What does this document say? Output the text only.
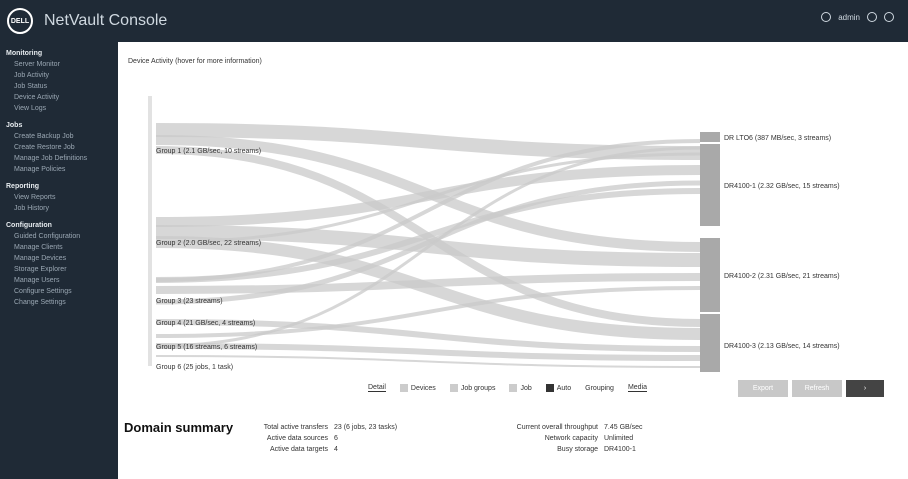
DELL NetVault Console	admin
Monitoring
Server Monitor
Job Activity
Job Status
Device Activity
View Logs
Jobs
Create Backup Job
Create Restore Job
Manage Job Definitions
Manage Policies
Reporting
View Reports
Job History
Configuration
Guided Configuration
Manage Clients
Manage Devices
Storage Explorer
Manage Users
Configure Settings
Change Settings
Device Activity (hover for more information)
Group 1 (2.1 GB/sec, 10 streams)
Group 2 (2.0 GB/sec, 22 streams)
Group 3 (23 streams)
Group 4 (21 GB/sec, 4 streams)
Group 5 (16 streams, 6 streams)
Group 6 (25 jobs, 1 task)
DR LTO6 (387 MB/sec, 3 streams)
DR4100-1 (2.32 GB/sec, 15 streams)
DR4100-2 (2.31 GB/sec, 21 streams)
DR4100-3 (2.13 GB/sec, 14 streams)
Detail	Devices	Job groups	Job	Auto Grouping Media	Export	Refresh	›
Domain summary	Total active transfers 23 (6 jobs, 23 tasks)
Active data sources 6
Active data targets 4
Current overall throughput 7.45 GB/sec
Network capacity Unlimited
Busy storage DR4100-1
